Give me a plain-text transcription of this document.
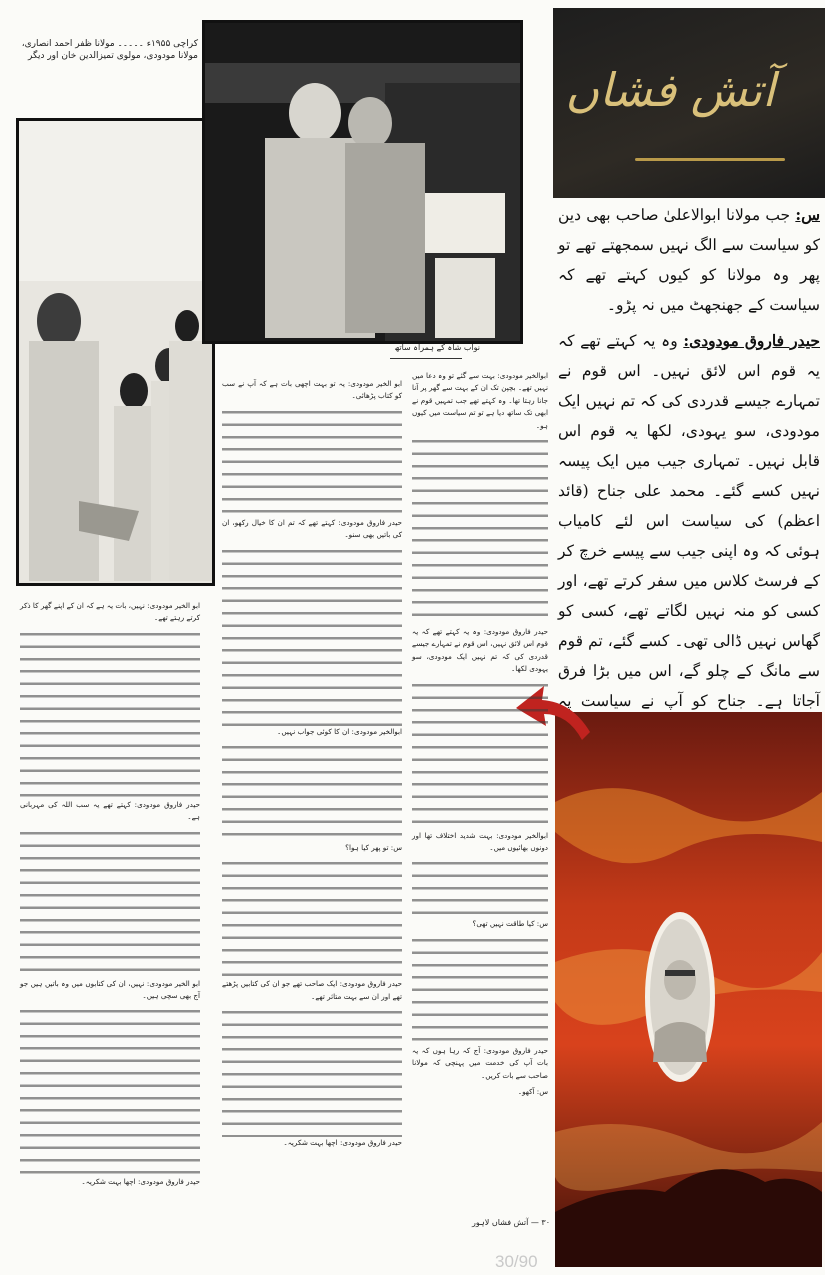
آتش فشاں
کراچی ۱۹۵۵ء ۔۔۔۔۔ مولانا ظفر احمد انصاری، مولانا مودودی، مولوی تمیزالدین خان اور دیگر
نواب شاہ کے ہمراہ ساتھ

س: جب مولانا ابوالاعلیٰ صاحب بھی دین کو سیاست سے الگ نہیں سمجھتے تھے تو پھر وہ مولانا کو کیوں کہتے تھے کہ سیاست کے جھنجھٹ میں نہ پڑو۔

حیدر فاروق مودودی: وہ یہ کہتے تھے کہ یہ قوم اس لائق نہیں۔ اس قوم نے تمہارے جیسے قدردی کی کہ تم نہیں ایک مودودی، سو یہودی، لکھا یہ قوم اس قابل نہیں۔ تمہاری جیب میں ایک پیسہ نہیں کسے گئے۔ محمد علی جناح (قائد اعظم) کی سیاست اس لئے کامیاب ہوئی کہ وہ اپنی جیب سے پیسے خرچ کر کے فرسٹ کلاس میں سفر کرتے تھے، اور کسی کو منہ نہیں لگاتے تھے، کسی کو گھاس نہیں ڈالی تھی۔ کسے گئے، تم قوم سے مانگ کے چلو گے، اس میں بڑا فرق آجاتا ہے۔ جناح کو آپ نے سیاست پہ

ابو الخیر مودودی: نہیں، بات یہ ہے کہ ان کے اپنے گھر کا ذکر کرتے رہتے تھے۔

حیدر فاروق مودودی: کہتے تھے یہ سب اللہ کی مہربانی ہے۔

ابو الخیر مودودی: نہیں، ان کی کتابوں میں وہ باتیں ہیں جو آج بھی سچی ہیں۔

حیدر فاروق مودودی: اچھا بہت شکریہ۔

ابو الخیر مودودی: یہ تو بہت اچھی بات ہے کہ آپ نے سب کو کتاب پڑھائی۔

حیدر فاروق مودودی: کہتے تھے کہ تم ان کا خیال رکھو، ان کی باتیں بھی سنو۔

ابوالخیر مودودی: ان کا کوئی جواب نہیں۔

س: تو پھر کیا ہوا؟

حیدر فاروق مودودی: ایک صاحب تھے جو ان کی کتابیں پڑھتے تھے اور ان سے بہت متاثر تھے۔

حیدر فاروق مودودی: اچھا بہت شکریہ۔

ابوالخیر مودودی: بہت سے گئے تو وہ دعا میں نہیں تھے۔ بچپن تک ان کے بہت سے گھر پر آنا جانا رہتا تھا۔ وہ کہتے تھے جب تمہیں قوم نے ابھی تک ساتھ دیا ہے تو تم سیاست میں کیوں ہو۔

حیدر فاروق مودودی: وہ یہ کہتے تھے کہ یہ قوم اس لائق نہیں، اس قوم نے تمہارے جیسے قدردی کی کہ تم نہیں ایک مودودی، سو یہودی لکھا۔

ابوالخیر مودودی: بہت شدید اختلاف تھا اور دونوں بھائیوں میں۔

س: کیا طاقت نہیں تھی؟

حیدر فاروق مودودی: آج کہ رہا ہوں کہ یہ بات آپ کی خدمت میں پہنچی کہ مولانا صاحب سے بات کریں۔

س: آکھو۔

۳۰ — آتش فشاں لاہور
30/90
